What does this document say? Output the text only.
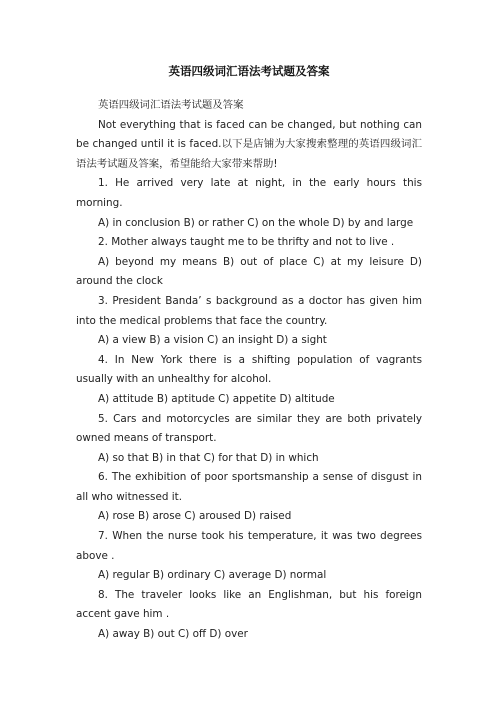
英语四级词汇语法考试题及答案

英语四级词汇语法考试题及答案

Not everything that is faced can be changed, but nothing can be changed until it is faced.以下是店铺为大家搜索整理的英语四级词汇语法考试题及答案，希望能给大家带来帮助!

1. He arrived very late at night, in the early hours this morning.

A) in conclusion B) or rather C) on the whole D) by and large

2. Mother always taught me to be thrifty and not to live .

A) beyond my means B) out of place C) at my leisure D) around the clock

3. President Banda’ s background as a doctor has given him into the medical problems that face the country.

A) a view B) a vision C) an insight D) a sight

4. In New York there is a shifting population of vagrants usually with an unhealthy for alcohol.

A) attitude B) aptitude C) appetite D) altitude

5. Cars and motorcycles are similar they are both privately owned means of transport.

A) so that B) in that C) for that D) in which

6. The exhibition of poor sportsmanship a sense of disgust in all who witnessed it.

A) rose B) arose C) aroused D) raised

7. When the nurse took his temperature, it was two degrees above .

A) regular B) ordinary C) average D) normal

8. The traveler looks like an Englishman, but his foreign accent gave him .

A) away B) out C) off D) over
